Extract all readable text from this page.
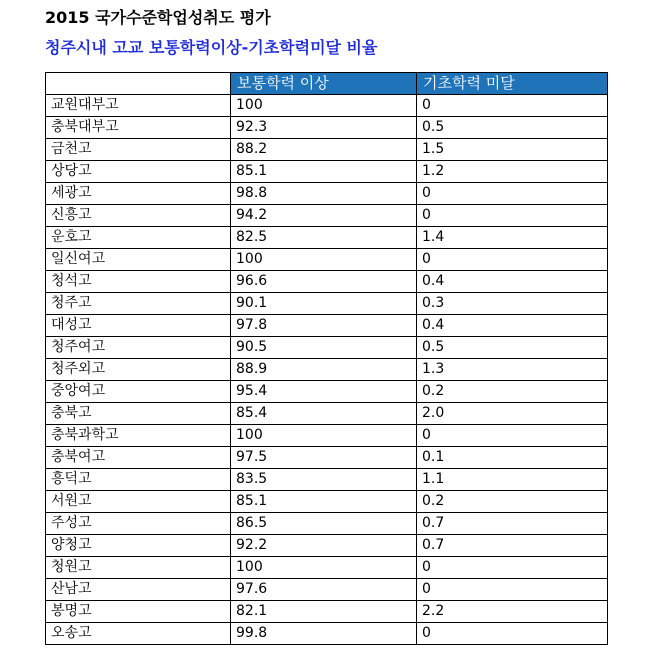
2015 국가수준학업성취도 평가
청주시내 고교 보통학력이상-기초학력미달 비율
	보통학력 이상	기초학력 미달
교원대부고	100	0
충북대부고	92.3	0.5
금천고	88.2	1.5
상당고	85.1	1.2
세광고	98.8	0
신흥고	94.2	0
운호고	82.5	1.4
일신여고	100	0
청석고	96.6	0.4
청주고	90.1	0.3
대성고	97.8	0.4
청주여고	90.5	0.5
청주외고	88.9	1.3
중앙여고	95.4	0.2
충북고	85.4	2.0
충북과학고	100	0
충북여고	97.5	0.1
흥덕고	83.5	1.1
서원고	85.1	0.2
주성고	86.5	0.7
양청고	92.2	0.7
청원고	100	0
산남고	97.6	0
봉명고	82.1	2.2
오송고	99.8	0
